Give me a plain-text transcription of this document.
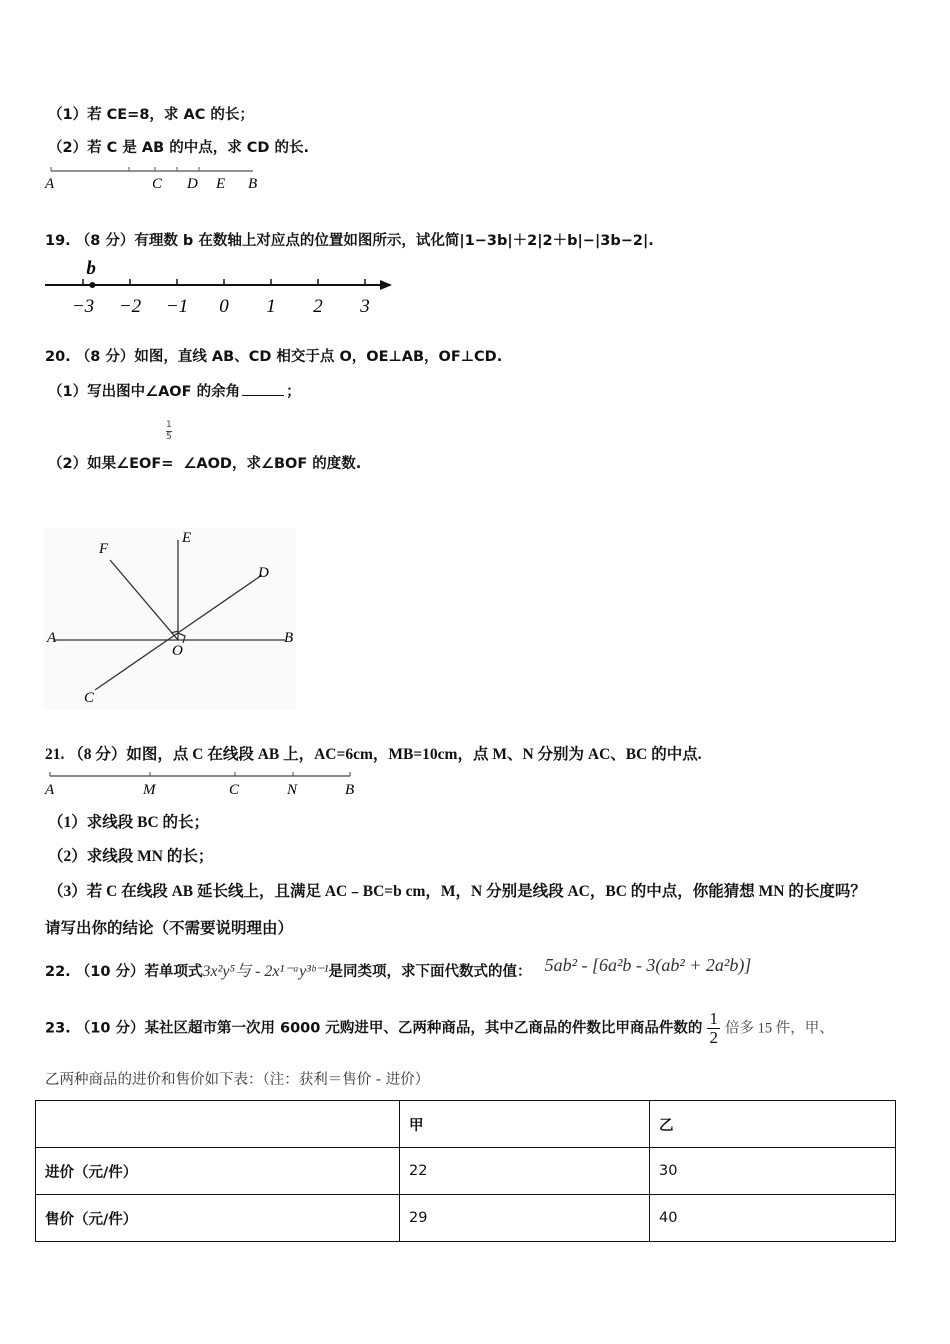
（1）若 CE=8，求 AC 的长；
（2）若 C 是 AB 的中点，求 CD 的长.
A	C D E B
19. （8 分）有理数 b 在数轴上对应点的位置如图所示，试化简|1−3b|＋2|2＋b|−|3b−2|.
−3 −2 −1 0 1 2 3
b
20. （8 分）如图，直线 AB、CD 相交于点 O，OE⊥AB，OF⊥CD.
（1）写出图中∠AOF 的余角	；
$\frac{1}{5}$
（2）如果∠EOF= ∠AOD，求∠BOF 的度数.
A	B
E
F
D
C
O
21. （8 分）如图，点 C 在线段 AB 上，AC=6cm，MB=10cm，点 M、N 分别为 AC、BC 的中点.
A	M	C	N	B
（1）求线段 BC 的长；
（2）求线段 MN 的长；
（3）若 C 在线段 AB 延长线上，且满足 AC﹣BC=b cm，M，N 分别是线段 AC，BC 的中点，你能猜想 MN 的长度吗？
请写出你的结论（不需要说明理由）
22. （10 分）若单项式3x²y⁵与 - 2x¹⁻ᵃy³ᵇ⁻¹是同类项，求下面代数式的值： 5ab² - [6a²b - 3(ab² + 2a²b)]
23. （10 分）某社区超市第一次用 6000 元购进甲、乙两种商品，其中乙商品的件数比甲商品件数的 $\frac{1}{2}$ 倍多 15 件，甲、
乙两种商品的进价和售价如下表：（注：获利＝售价 - 进价）
	甲	乙
进价（元/件）	22	30
售价（元/件）	29	40
